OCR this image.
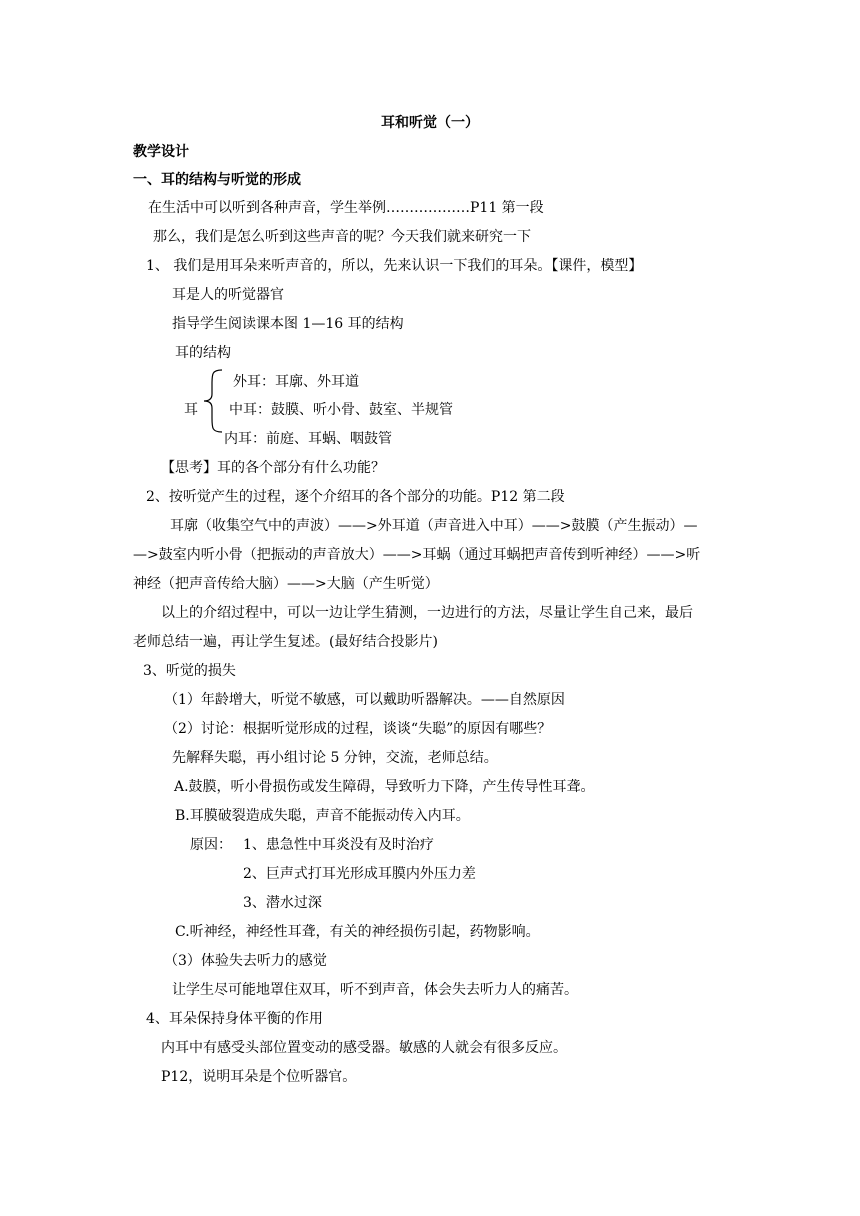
耳和听觉（一）
教学设计
一、耳的结构与听觉的形成
在生活中可以听到各种声音，学生举例………………P11 第一段
那么，我们是怎么听到这些声音的呢？今天我们就来研究一下
1、 我们是用耳朵来听声音的，所以，先来认识一下我们的耳朵。【课件，模型】
耳是人的听觉器官
指导学生阅读课本图 1—16 耳的结构
耳的结构
外耳：耳廓、外耳道
耳 中耳：鼓膜、听小骨、鼓室、半规管
内耳：前庭、耳蜗、咽鼓管
【思考】耳的各个部分有什么功能？
2、按听觉产生的过程，逐个介绍耳的各个部分的功能。P12 第二段
耳廓（收集空气中的声波）——>外耳道（声音进入中耳）——>鼓膜（产生振动）—
—>鼓室内听小骨（把振动的声音放大）——>耳蜗（通过耳蜗把声音传到听神经）——>听
神经（把声音传给大脑）——>大脑（产生听觉）
以上的介绍过程中，可以一边让学生猜测，一边进行的方法，尽量让学生自己来，最后
老师总结一遍，再让学生复述。(最好结合投影片)
3、听觉的损失
（1）年龄增大，听觉不敏感，可以戴助听器解决。——自然原因
（2）讨论：根据听觉形成的过程，谈谈“失聪”的原因有哪些？
先解释失聪，再小组讨论 5 分钟，交流，老师总结。
A.鼓膜，听小骨损伤或发生障碍，导致听力下降，产生传导性耳聋。
B.耳膜破裂造成失聪，声音不能振动传入内耳。
原因： 1、患急性中耳炎没有及时治疗
2、巨声式打耳光形成耳膜内外压力差
3、潜水过深
C.听神经，神经性耳聋，有关的神经损伤引起，药物影响。
（3）体验失去听力的感觉
让学生尽可能地罩住双耳，听不到声音，体会失去听力人的痛苦。
4、耳朵保持身体平衡的作用
内耳中有感受头部位置变动的感受器。敏感的人就会有很多反应。
P12，说明耳朵是个位听器官。
